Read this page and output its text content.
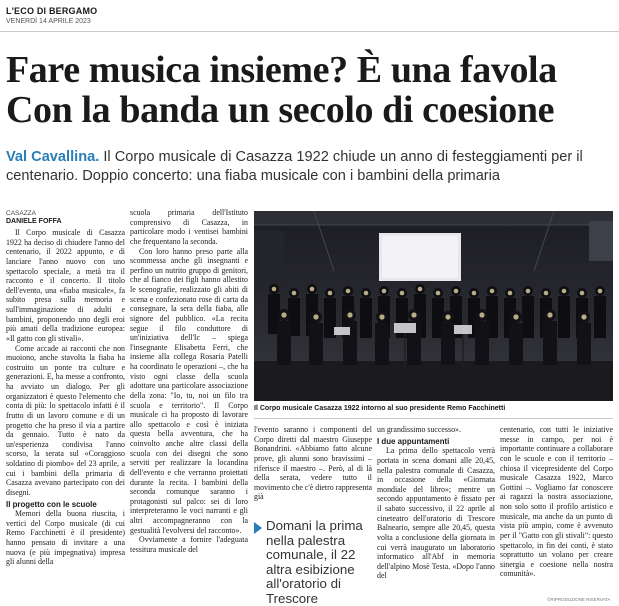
L'ECO DI BERGAMO
VENERDÌ 14 APRILE 2023
Fare musica insieme? È una favola
Con la banda un secolo di coesione
Val Cavallina. Il Corpo musicale di Casazza 1922 chiude un anno di festeggiamenti per il centenario. Doppio concerto: una fiaba musicale con i bambini della primaria
CASAZZA
DANIELE FOFFA

Il Corpo musicale di Casazza 1922 ha deciso di chiudere l'anno del centenario, il 2022 appunto, e di lanciare l'anno nuovo con uno spettacolo speciale, a metà tra il racconto e il concerto. Il titolo dell'evento, una «fiaba musicale», fa subito presa sulla memoria e sull'immaginazione di adulti e bambini, proponendo uno degli eroi più amati della tradizione europea: «Il gatto con gli stivali».

Come accade ai racconti che non muoiono, anche stavolta la fiaba ha costruito un ponte tra culture e generazioni. E, ha messe a confronto, ha avviato un dialogo. Per gli organizzatori è questo l'elemento che conta di più: lo spettacolo infatti è il frutto di un lavoro comune e di un progetto che ha preso il via a partire da gennaio. Tutto è nato da un'esperienza condivisa l'anno scorso, la serata sul «Coraggioso soldatino di piombo» del 23 aprile, a cui i bambini della primaria di Casazza avevano partecipato con dei disegni.

Il progetto con le scuole

Memori della buona riuscita, i vertici del Corpo musicale (di cui Remo Facchinetti è il presidente) hanno pensato di invitare a una nuova (e più impegnativa) impresa gli alunni della

scuola primaria dell'Istituto comprensivo di Casazza, in particolare modo i ventisei bambini che frequentano la seconda.

Con loro hanno preso parte alla scommessa anche gli insegnanti e perfino un nutrito gruppo di genitori, che al fianco dei figli hanno allestito le scenografie, realizzato gli abiti di scena e confezionato rose di carta da consegnare, la sera della fiaba, alle signore del pubblico. «La recita segue il filo conduttore di un'iniziativa dell'Ic – spiega l'insegnante Elisabetta Ferri, che insieme alla collega Rosaria Patelli ha coordinato le operazioni –, che ha visto ogni classe della scuola adottare una particolare associazione della zona: "Io, tu, noi un filo tra scuola e territorio". Il Corpo musicale ci ha proposto di lavorare allo spettacolo e così è iniziata questa bella avventura, che ha coinvolto anche altre classi della scuola con dei disegni che sono serviti per realizzare la locandina dell'evento e che verranno proiettati durante la recita. I bambini della seconda comunque saranno i protagonisti sul palco: sei di loro interpreteranno le voci narranti e gli altri accompagneranno con la gestualità l'evolversi del racconto».

Ovviamente a fornire l'adeguata tessitura musicale del

Il Corpo musicale Casazza 1922 intorno al suo presidente Remo Facchinetti

l'evento saranno i componenti del Corpo diretti dal maestro Giuseppe Bonandrini. «Abbiamo fatto alcune prove, gli alunni sono bravissimi – riferisce il maestro –. Però, al di là della serata, vedere tutto il movimento che c'è dietro rappresenta già

Domani la prima nella palestra comunale, il 22 altra esibizione all'oratorio di Trescore

un grandissimo successo».

I due appuntamenti

La prima dello spettacolo verrà portata in scena domani alle 20,45, nella palestra comunale di Casazza, in occasione della «Giornata mondiale del libro»; mentre un secondo appuntamento è fissato per il sabato successivo, il 22 aprile al cineteatro dell'oratorio di Trescore Balneario, sempre alle 20,45, questa volta a conclusione della giornata in cui verrà inaugurato un laboratorio informatico all'Abf in memoria dell'alpino Mosè Testa. «Dopo l'anno del

centenario, con tutti le iniziative messe in campo, per noi è importante continuare a collaborare con le scuole e con il territorio – chiosa il vicepresidente del Corpo musicale Casazza 1922, Marco Gottini –. Vogliamo far conoscere ai ragazzi la nostra associazione, non solo sotto il profilo artistico e musicale, ma anche da un punto di vista più ampio, come è avvenuto per il "Gatto con gli stivali": questo spettacolo, in fin dei conti, è stato soprattutto un volano per creare sinergia e coesione nella nostra comunità».

©RIPRODUZIONE RISERVATA
